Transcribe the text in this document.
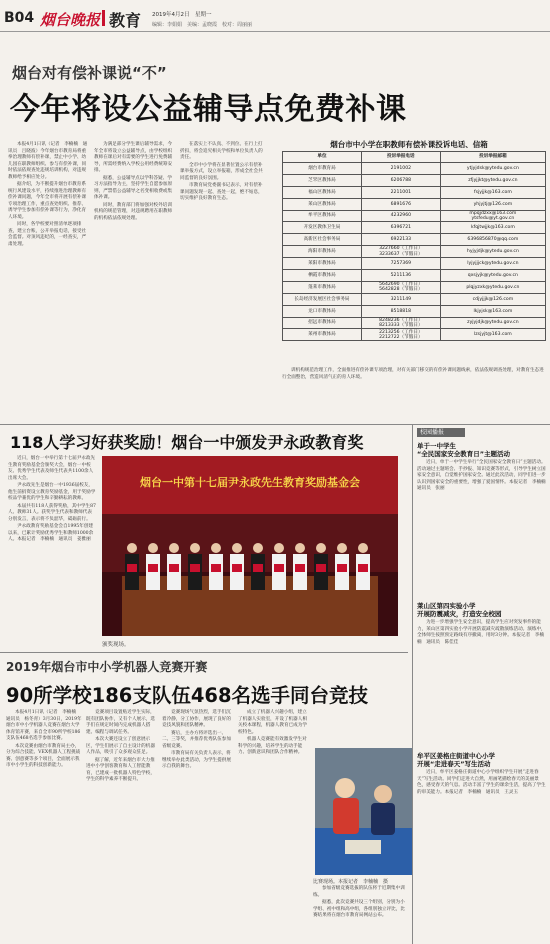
B04 烟台晚报 教育 2019年4月2日　星期一
编辑：李娟娟　美编：孟晓霞　校对：周丽丽
烟台对有偿补课说“不”
今年将设公益辅导点免费补课

本报4月1日讯（记者　李楠楠　通讯员　吕晓波）今年烟台市教育局将重拳治理教师有偿补课，禁止中小学、幼儿园在职教师组织、参与有偿补课，同时依法依规查处违规培训机构，对违规教师给予相应处分。

据介绍，为不断提升烟台市教育系统行风建设水平，持续推进治理教师有偿补课问题，今年全市将开展有偿补课专项治理工作，重点查处组织、推荐、诱导学生参加有偿补课等行为，净化育人环境。

同时，各学校要对照清单逐项排查，建立台账，公开举报电话，接受社会监督。对顶风违纪的，一经查实，严肃处理。

为满足部分学生课后辅导需求，今年全市将设立公益辅导点，由学校组织教师在课后对有需要的学生进行免费辅导，所需经费纳入学校公用经费统筹安排。

据悉，公益辅导点以学科答疑、学习方法指导为主，坚持学生自愿参加原则，严禁借公益辅导之名变相收费或集体补课。

同时，教育部门将加强对校外培训机构的规范管理，对违规聘用在职教师的机构依法依规处理。

在落实上不认真、不到位、在行上打折扣，将会追究相关学校和单位负责人的责任。

全市中小学将在显著位置公示有偿补课举报方式，设立举报箱，形成全社会共同监督的良好氛围。

市教育局党委副书记表示，对有偿补课问题发现一起、查处一起，绝不姑息，切实维护良好教育生态。

烟台市中小学在职教师有偿补课投诉电话、信箱
单位	投诉举报电话	投诉举报邮箱
烟台市教育局	2191002	ytjyjdsk@ytedu.gov.cn
芝罘区教体局	6206788	zfjyjjkt@ytedu.gov.cn
福山区教体局	2211001	fsjyjjk@163.com
莱山区教体局	6891676	yhjyjtj@126.com
牟平区教体局	4232960	mpqjdzxx@163.com
ytsfedu@yt.gov.cn
开发区教体卫生局	6396721	kfqjtwjjk@163.com
高新区社会事务局	6922133	6396856870@qq.com
海阳市教体局	3227660（工作日）
3233637（节假日）	hyjyjdjk@ytedu.gov.cn
莱阳市教体局	7257369	lyjyjjjck@ytedu.gov.cn
栖霞市教体局	5211136	qxsjyjk@ytedu.gov.cn
蓬莱市教体局	5642690（工作日）
5642828（节假日）	plqjyzxk@ytedu.gov.cn
长岛经济发展区社会事务局	3211149	cdjyjjjk@126.com
龙口市教体局	8518818	lkjyjsk@163.com
招远市教体局	8248236（工作日）
8213333（节假日）	zyjyjdjk@ytedu.gov.cn
莱州市教体局	2213256（工作日）
2212722（节假日）	lzsjyjt@163.com

训机构规范治理工作，全面推进有偿补课专项治理，对有关部门移交的有偿补课问题线索，依法依规调查处理，对教育生态进行全面整治，营造风清气正的育人环境。

118人学习好获奖励！烟台一中颁发尹永政教育奖

近日，烟台一中举行第十七届尹永政先生教育奖励基金会颁奖大会，烟台一中校友、优秀学生代表及师生代表共1100余人出席大会。

尹永政先生是烟台一中1936届校友，他生前捐资设立教育奖励基金，用于奖励学校品学兼优的学生和辛勤耕耘的教师。

本届共有118人获得奖励，其中学生87人、教师31人。获奖学生代表和教师代表分别发言，表示将不负韶华，砥砺前行。

尹永政教育奖励基金会自1995年创建以来，已累计奖励优秀学生和教师1000余人。本报记者　李楠楠　通讯员　姜雅丽

烟台一中第十七届尹永政先生教育奖励基金会
颁奖现场。
2019年烟台市中小学机器人竞赛开赛
90所学校186支队伍468名选手同台竞技

本报4月1日讯（记者　李楠楠　通讯员　杨冬青）3月30日，2019年烟台市中小学机器人竞赛在烟台大学体育馆开赛，来自全市90所学校186支队伍468名选手参加比赛。

本次竞赛由烟台市教育局主办，分为综合技能、VEX机器人工程挑战赛、创意赛等多个项目，全面展示我市中小学生的科技创新能力。

竞赛项目设置贴近学生实际，既有团队协作，又有个人展示，选手们在规定时间内完成机器人搭建、编程与调试任务。

本次大赛还设立了创意展示区，学生们展示了自主设计的机器人作品，吸引了众多观众驻足。

据了解，近年来烟台市大力推进中小学创客教育和人工智能教育，已建成一批机器人特色学校，学生的科学素养不断提升。

竞赛现场气氛热烈，选手们沉着冷静，分工协作，展现了良好的竞技风貌和团队精神。

赛后，主办方将评选出一、二、三等奖，并推荐优秀队伍参加省级竞赛。

市教育局有关负责人表示，将继续举办此类活动，为学生提供展示自我的舞台。

成立了机器人兴趣小组，建立了机器人实验室，开设了机器人相关校本课程，机器人教育已成为学校特色。

机器人竞赛能有效激发学生对科学的兴趣，培养学生的动手能力、创新意识和团队合作精神。

比赛现场。本报记者　李楠楠　摄

参加省级竞赛选拔的队伍将于近期集中训练。

据悉，此次竞赛共设三个组别，分别为小学组、初中组和高中组，各组别独立评比，比赛结果将在烟台市教育局网站公布。

校园播报
单于一中学生
“全民国家安全教育日”主题活动

近日，单于一中学生举行“全民国家安全教育日”主题活动。活动通过主题班会、手抄报、知识竞赛等形式，引导学生树立国家安全意识，自觉维护国家安全。通过此次活动，同学们进一步认识到国家安全的重要性，增强了爱国情怀。本报记者　李楠楠　通讯员　张丽

莱山区第四实验小学
开展防震减灾，打造安全校园

为进一步增强学生安全意识，提高学生应对突发事件的能力，莱山区第四实验小学开展防震减灾疏散演练活动。演练中，全体师生按照预定路线有序撤离，用时3分钟。本报记者　李楠楠　通讯员　陈佳佳

牟平区姜格庄街道中心小学
开展“走进春天”写生活动

近日，牟平区姜格庄街道中心小学组织学生开展“走进春天”写生活动。同学们走进大自然，用画笔描绘春天的美丽景色，感受春天的气息。活动丰富了学生的课余生活，提高了学生的审美能力。本报记者　李楠楠　通讯员　王灵玉
